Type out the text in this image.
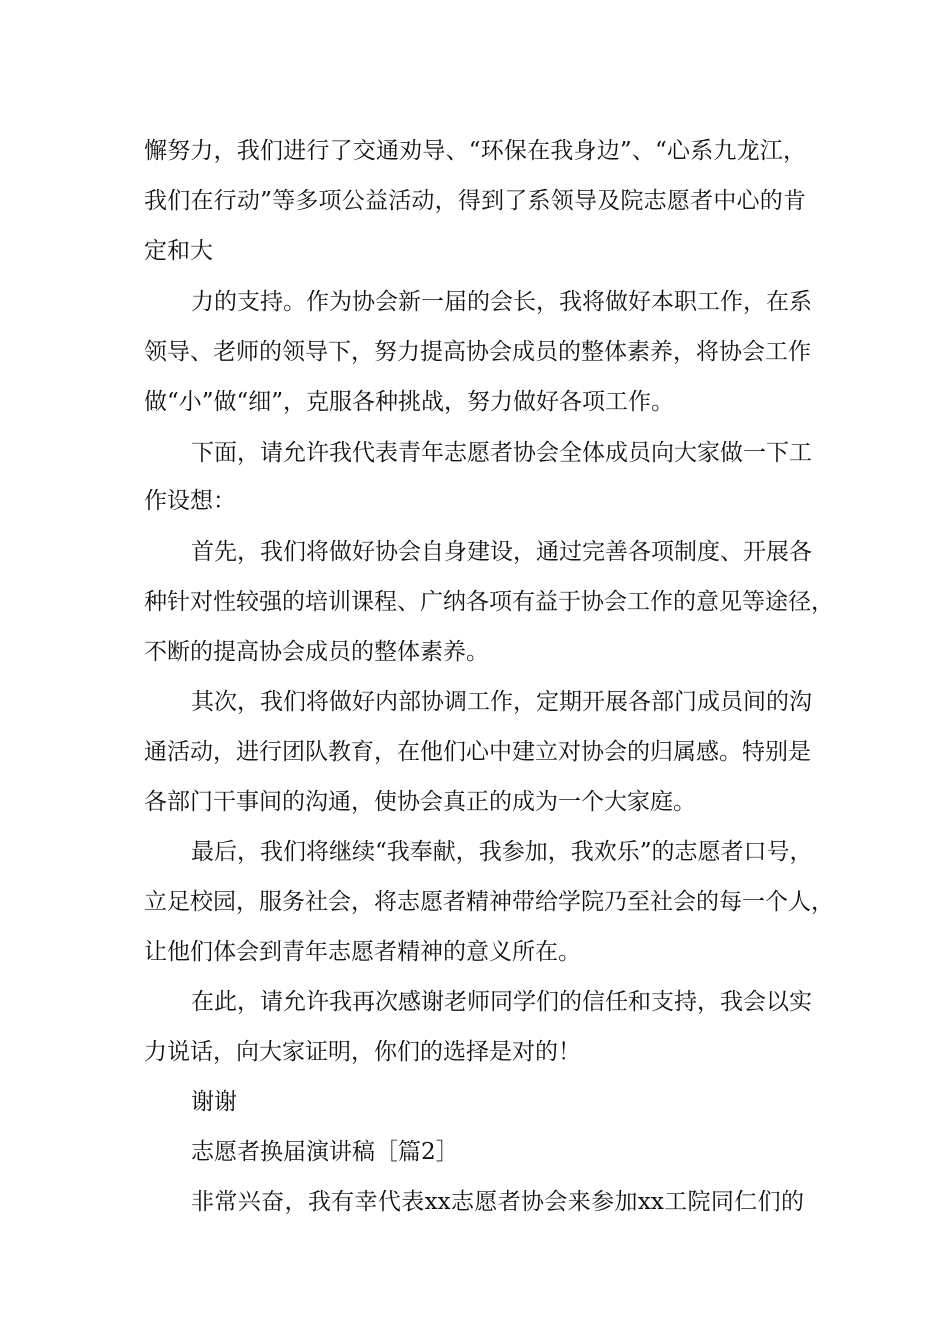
懈努力，我们进行了交通劝导、“环保在我身边”、“心系九龙江，
我们在行动”等多项公益活动，得到了系领导及院志愿者中心的肯
定和大
力的支持。作为协会新一届的会长，我将做好本职工作，在系
领导、老师的领导下，努力提高协会成员的整体素养，将协会工作
做“小”做“细”，克服各种挑战，努力做好各项工作。
下面，请允许我代表青年志愿者协会全体成员向大家做一下工
作设想：
首先，我们将做好协会自身建设，通过完善各项制度、开展各
种针对性较强的培训课程、广纳各项有益于协会工作的意见等途径，
不断的提高协会成员的整体素养。
其次，我们将做好内部协调工作，定期开展各部门成员间的沟
通活动，进行团队教育，在他们心中建立对协会的归属感。特别是
各部门干事间的沟通，使协会真正的成为一个大家庭。
最后，我们将继续“我奉献，我参加，我欢乐”的志愿者口号，
立足校园，服务社会，将志愿者精神带给学院乃至社会的每一个人，
让他们体会到青年志愿者精神的意义所在。
在此，请允许我再次感谢老师同学们的信任和支持，我会以实
力说话，向大家证明，你们的选择是对的！
谢谢
志愿者换届演讲稿［篇2］
非常兴奋，我有幸代表xx志愿者协会来参加xx工院同仁们的
